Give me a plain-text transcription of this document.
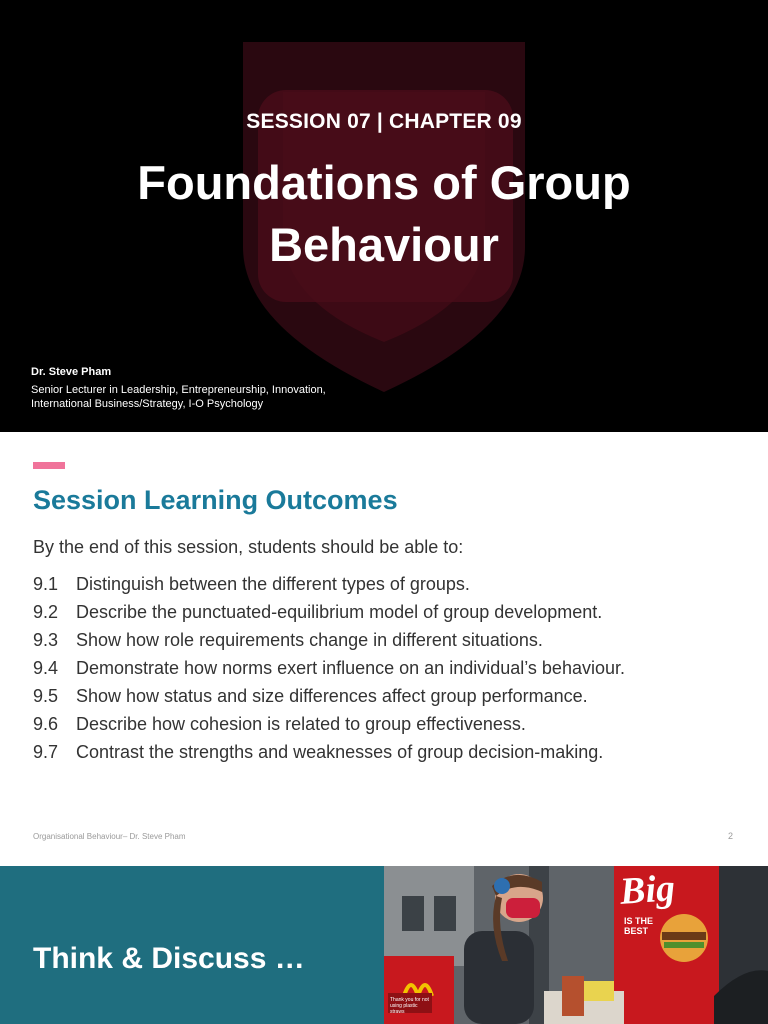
SESSION 07 | CHAPTER 09
Foundations of Group Behaviour
Dr. Steve Pham
Senior Lecturer in Leadership, Entrepreneurship, Innovation, International Business/Strategy, I-O Psychology
Session Learning Outcomes
By the end of this session, students should be able to:
9.1 Distinguish between the different types of groups.
9.2 Describe the punctuated-equilibrium model of group development.
9.3 Show how role requirements change in different situations.
9.4 Demonstrate how norms exert influence on an individual’s behaviour.
9.5 Show how status and size differences affect group performance.
9.6 Describe how cohesion is related to group effectiveness.
9.7 Contrast the strengths and weaknesses of group decision-making.
Organisational Behaviour– Dr. Steve Pham	2
Think & Discuss …
Big
IS THE BEST
Thank you for not using plastic straws
